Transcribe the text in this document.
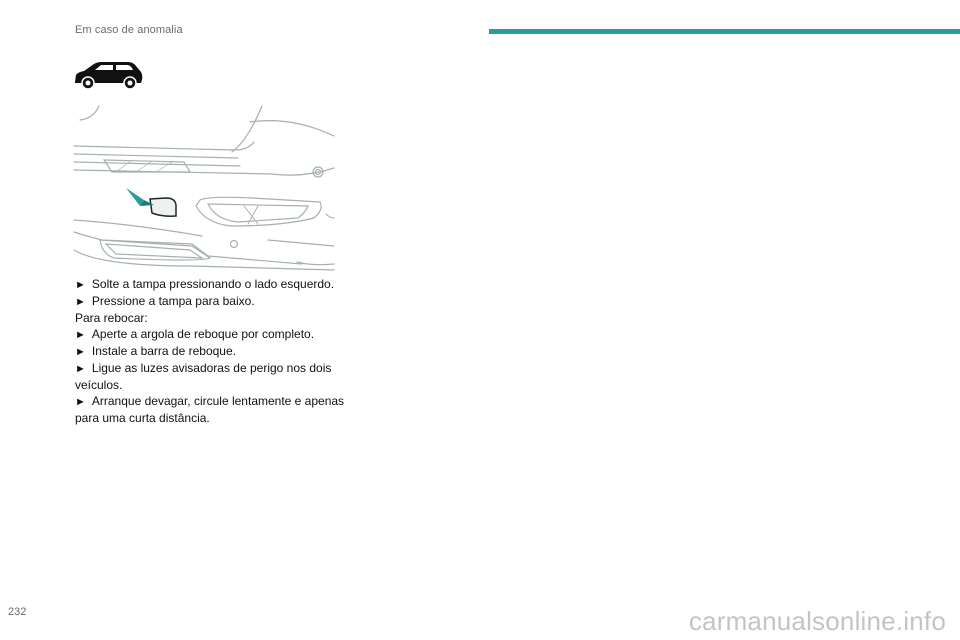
Em caso de anomalia

► Solte a tampa pressionando o lado esquerdo.

► Pressione a tampa para baixo.

Para rebocar:

► Aperte a argola de reboque por completo.

► Instale a barra de reboque.

► Ligue as luzes avisadoras de perigo nos dois veículos.

► Arranque devagar, circule lentamente e apenas para uma curta distância.

232	carmanualsonline.info
